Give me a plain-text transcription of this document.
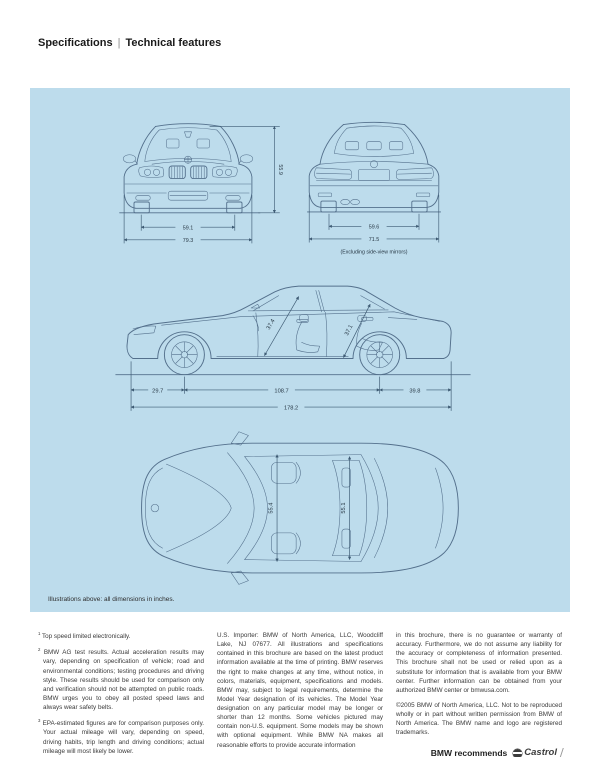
Specifications | Technical features
55.9
59.1
79.3
59.6
71.5
(Excluding side-view mirrors)
37.4	37.1
29.7	108.7	39.8
178.2
55.4	55.1
Illustrations above: all dimensions in inches.
$^1$ Top speed limited electronically.
$^2$ BMW AG test results. Actual acceleration results may vary, depending on specification of vehicle; road and environmental conditions; testing procedures and driving style. These results should be used for comparison only and verification should not be attempted on public roads. BMW urges you to obey all posted speed laws and always wear safety belts.
$^3$ EPA-estimated figures are for comparison purposes only. Your actual mileage will vary, depending on speed, driving habits, trip length and driving conditions; actual mileage will most likely be lower.

U.S. Importer: BMW of North America, LLC, Woodcliff Lake, NJ 07677. All illustrations and specifications contained in this brochure are based on the latest product information available at the time of printing. BMW reserves the right to make changes at any time, without notice, in colors, materials, equipment, specifications and models. BMW may, subject to legal requirements, determine the Model Year designation of its vehicles. The Model Year designation on any particular model may be longer or shorter than 12 months. Some vehicles pictured may contain non-U.S. equipment. Some models may be shown with optional equipment. While BMW NA makes all reasonable efforts to provide accurate information

in this brochure, there is no guarantee or warranty of accuracy. Furthermore, we do not assume any liability for the accuracy or completeness of information presented. This brochure shall not be used or relied upon as a substitute for information that is available from your BMW center. Further information can be obtained from your authorized BMW center or bmwusa.com.

©2005 BMW of North America, LLC. Not to be reproduced wholly or in part without written permission from BMW of North America. The BMW name and logo are registered trademarks.

BMW recommends Castrol
